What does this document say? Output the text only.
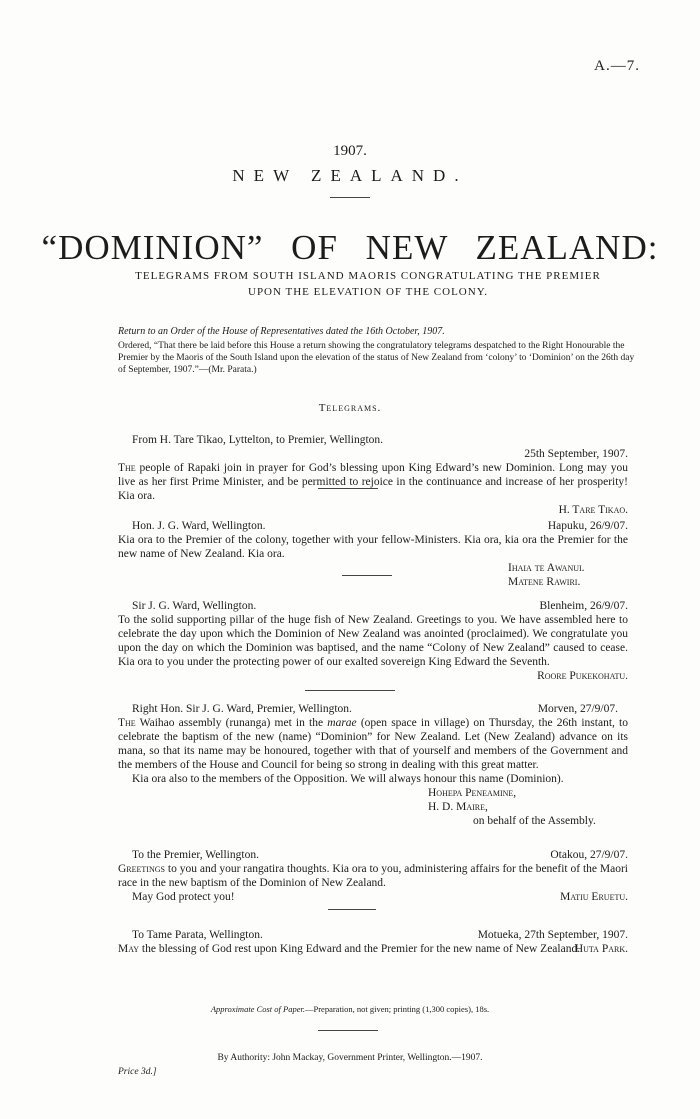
A.—7.
1907.
NEW ZEALAND.
“DOMINION” OF NEW ZEALAND:
TELEGRAMS FROM SOUTH ISLAND MAORIS CONGRATULATING THE PREMIER UPON THE ELEVATION OF THE COLONY.
Return to an Order of the House of Representatives dated the 16th October, 1907.
Ordered, “That there be laid before this House a return showing the congratulatory telegrams despatched to the Right Honourable the Premier by the Maoris of the South Island upon the elevation of the status of New Zealand from ‘colony’ to ‘Dominion’ on the 26th day of September, 1907.”—(Mr. Parata.)
Telegrams.

From H. Tare Tikao, Lyttelton, to Premier, Wellington.

25th September, 1907.

The people of Rapaki join in prayer for God’s blessing upon King Edward’s new Dominion. Long may you live as her first Prime Minister, and be permitted to rejoice in the continuance and increase of her prosperity! Kia ora.

H. Tare Tikao.

Hon. J. G. Ward, Wellington.	Hapuku, 26/9/07.

Kia ora to the Premier of the colony, together with your fellow-Ministers. Kia ora, kia ora the Premier for the new name of New Zealand. Kia ora.

Ihaia te Awanui.

Matene Rawiri.

Sir J. G. Ward, Wellington.	Blenheim, 26/9/07.

To the solid supporting pillar of the huge fish of New Zealand. Greetings to you. We have assembled here to celebrate the day upon which the Dominion of New Zealand was anointed (proclaimed). We congratulate you upon the day on which the Dominion was baptised, and the name “Colony of New Zealand” caused to cease. Kia ora to you under the protecting power of our exalted sovereign King Edward the Seventh.

Roore Pukekohatu.

Right Hon. Sir J. G. Ward, Premier, Wellington.	Morven, 27/9/07.

The Waihao assembly (runanga) met in the marae (open space in village) on Thursday, the 26th instant, to celebrate the baptism of the new (name) “Dominion” for New Zealand. Let (New Zealand) advance on its mana, so that its name may be honoured, together with that of yourself and members of the Government and the members of the House and Council for being so strong in dealing with this great matter.

Kia ora also to the members of the Opposition. We will always honour this name (Dominion).

Hohepa Peneamine,

H. D. Maire,

on behalf of the Assembly.

To the Premier, Wellington.	Otakou, 27/9/07.

Greetings to you and your rangatira thoughts. Kia ora to you, administering affairs for the benefit of the Maori race in the new baptism of the Dominion of New Zealand.

May God protect you!	Matiu Eruetu.

To Tame Parata, Wellington.	Motueka, 27th September, 1907.

May the blessing of God rest upon King Edward and the Premier for the new name of New Zealand.

Huta Park.

Approximate Cost of Paper.—Preparation, not given; printing (1,300 copies), 18s.
By Authority: John Mackay, Government Printer, Wellington.—1907.
Price 3d.]
